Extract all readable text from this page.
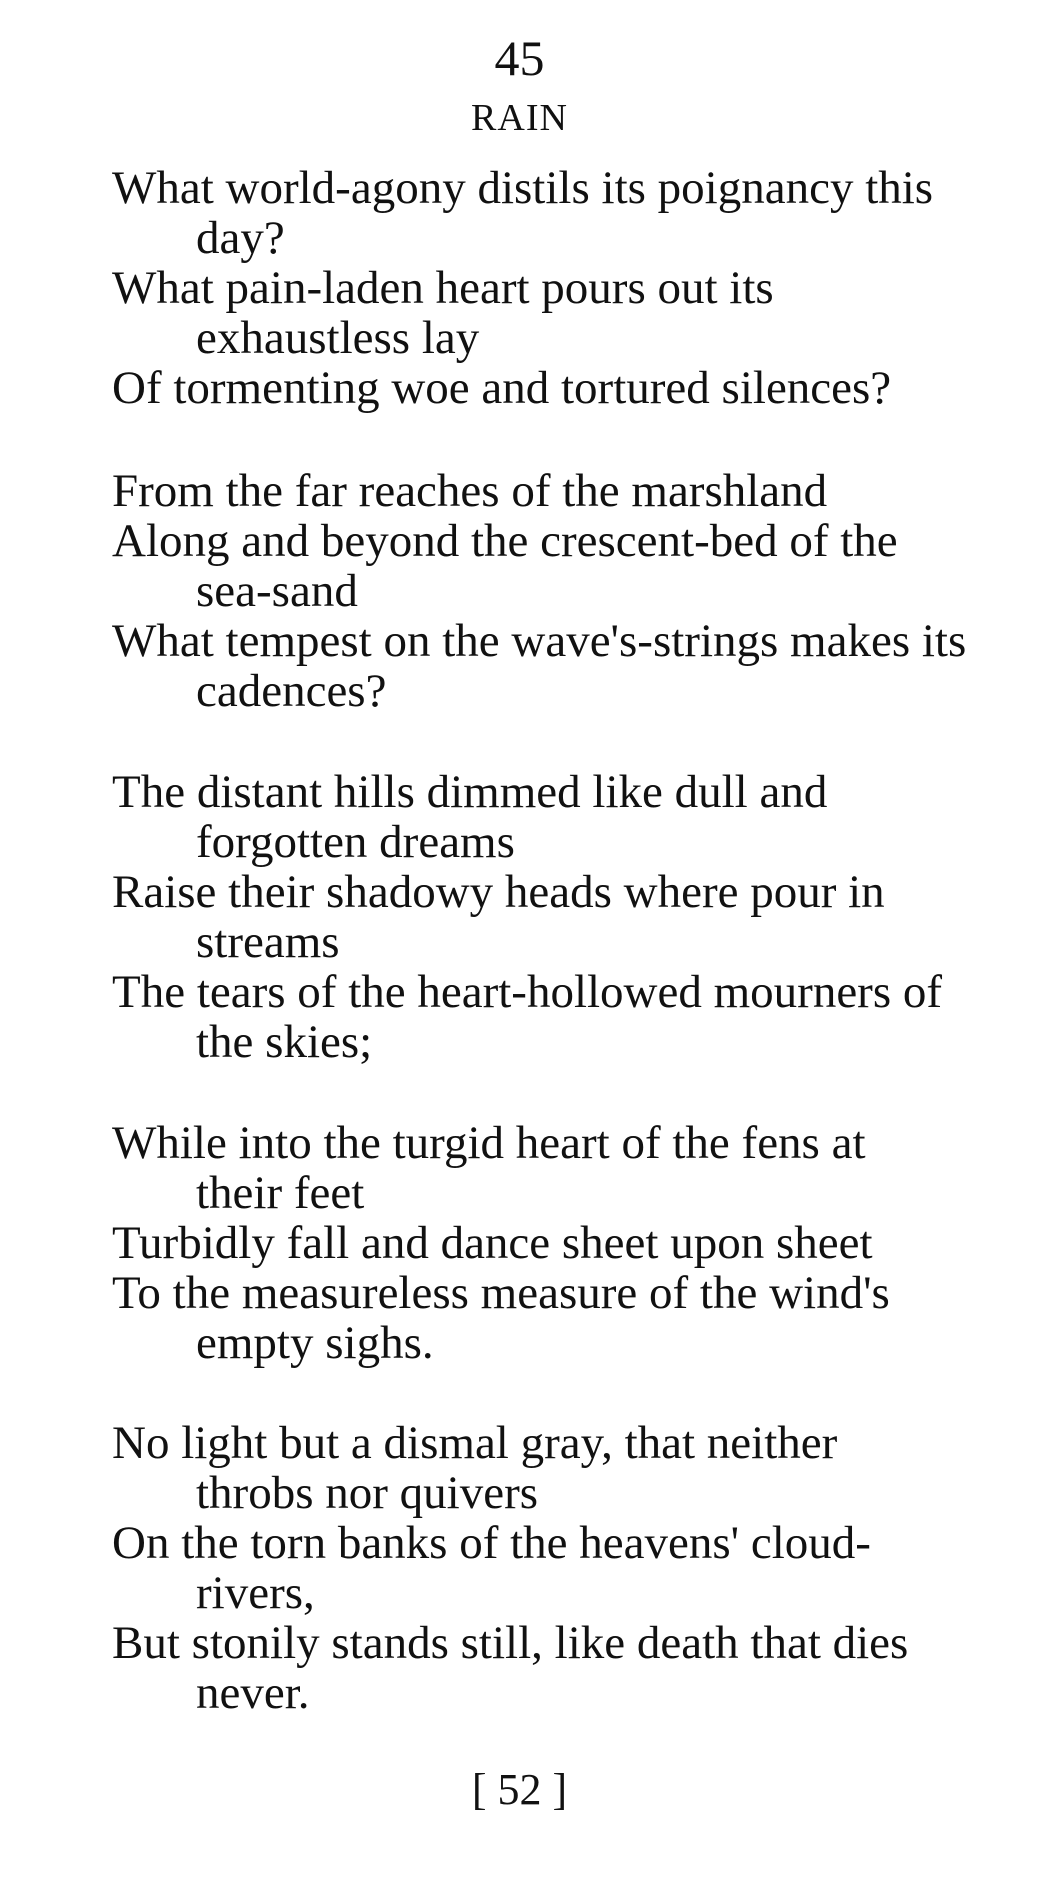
45
RAIN
What world-agony distils its poignancy this
day?
What pain-laden heart pours out its
exhaustless lay
Of tormenting woe and tortured silences?
From the far reaches of the marshland
Along and beyond the crescent-bed of the
sea-sand
What tempest on the wave's-strings makes its
cadences?
The distant hills dimmed like dull and
forgotten dreams
Raise their shadowy heads where pour in
streams
The tears of the heart-hollowed mourners of
the skies;
While into the turgid heart of the fens at
their feet
Turbidly fall and dance sheet upon sheet
To the measureless measure of the wind's
empty sighs.
No light but a dismal gray, that neither
throbs nor quivers
On the torn banks of the heavens' cloud-
rivers,
But stonily stands still, like death that dies
never.
[ 52 ]
